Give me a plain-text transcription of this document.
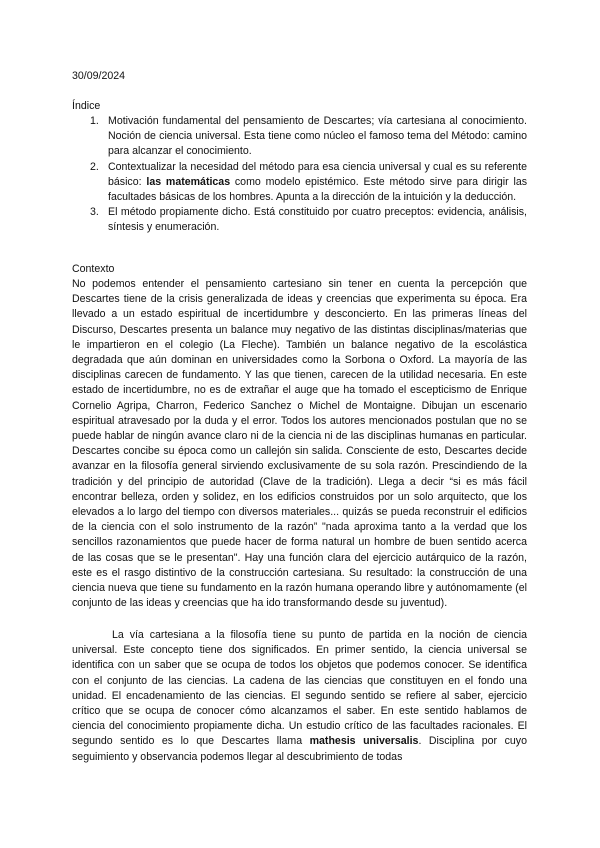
30/09/2024
Índice
1. Motivación fundamental del pensamiento de Descartes; vía cartesiana al conocimiento. Noción de ciencia universal. Esta tiene como núcleo el famoso tema del Método: camino para alcanzar el conocimiento.
2. Contextualizar la necesidad del método para esa ciencia universal y cual es su referente básico: las matemáticas como modelo epistémico. Este método sirve para dirigir las facultades básicas de los hombres. Apunta a la dirección de la intuición y la deducción.
3. El método propiamente dicho. Está constituido por cuatro preceptos: evidencia, análisis, síntesis y enumeración.
Contexto

No podemos entender el pensamiento cartesiano sin tener en cuenta la percepción que Descartes tiene de la crisis generalizada de ideas y creencias que experimenta su época. Era llevado a un estado espiritual de incertidumbre y desconcierto. En las primeras líneas del Discurso, Descartes presenta un balance muy negativo de las distintas disciplinas/materias que le impartieron en el colegio (La Fleche). También un balance negativo de la escolástica degradada que aún dominan en universidades como la Sorbona o Oxford. La mayoría de las disciplinas carecen de fundamento. Y las que tienen, carecen de la utilidad necesaria. En este estado de incertidumbre, no es de extrañar el auge que ha tomado el escepticismo de Enrique Cornelio Agripa, Charron, Federico Sanchez o Michel de Montaigne. Dibujan un escenario espiritual atravesado por la duda y el error. Todos los autores mencionados postulan que no se puede hablar de ningún avance claro ni de la ciencia ni de las disciplinas humanas en particular. Descartes concibe su época como un callejón sin salida. Consciente de esto, Descartes decide avanzar en la filosofía general sirviendo exclusivamente de su sola razón. Prescindiendo de la tradición y del principio de autoridad (Clave de la tradición). Llega a decir “si es más fácil encontrar belleza, orden y solidez, en los edificios construidos por un solo arquitecto, que los elevados a lo largo del tiempo con diversos materiales... quizás se pueda reconstruir el edificios de la ciencia con el solo instrumento de la razón” "nada aproxima tanto a la verdad que los sencillos razonamientos que puede hacer de forma natural un hombre de buen sentido acerca de las cosas que se le presentan". Hay una función clara del ejercicio autárquico de la razón, este es el rasgo distintivo de la construcción cartesiana. Su resultado: la construcción de una ciencia nueva que tiene su fundamento en la razón humana operando libre y autónomamente (el conjunto de las ideas y creencias que ha ido transformando desde su juventud).

La vía cartesiana a la filosofía tiene su punto de partida en la noción de ciencia universal. Este concepto tiene dos significados. En primer sentido, la ciencia universal se identifica con un saber que se ocupa de todos los objetos que podemos conocer. Se identifica con el conjunto de las ciencias. La cadena de las ciencias que constituyen en el fondo una unidad. El encadenamiento de las ciencias. El segundo sentido se refiere al saber, ejercicio crítico que se ocupa de conocer cómo alcanzamos el saber. En este sentido hablamos de ciencia del conocimiento propiamente dicha. Un estudio crítico de las facultades racionales. El segundo sentido es lo que Descartes llama mathesis universalis. Disciplina por cuyo seguimiento y observancia podemos llegar al descubrimiento de todas
